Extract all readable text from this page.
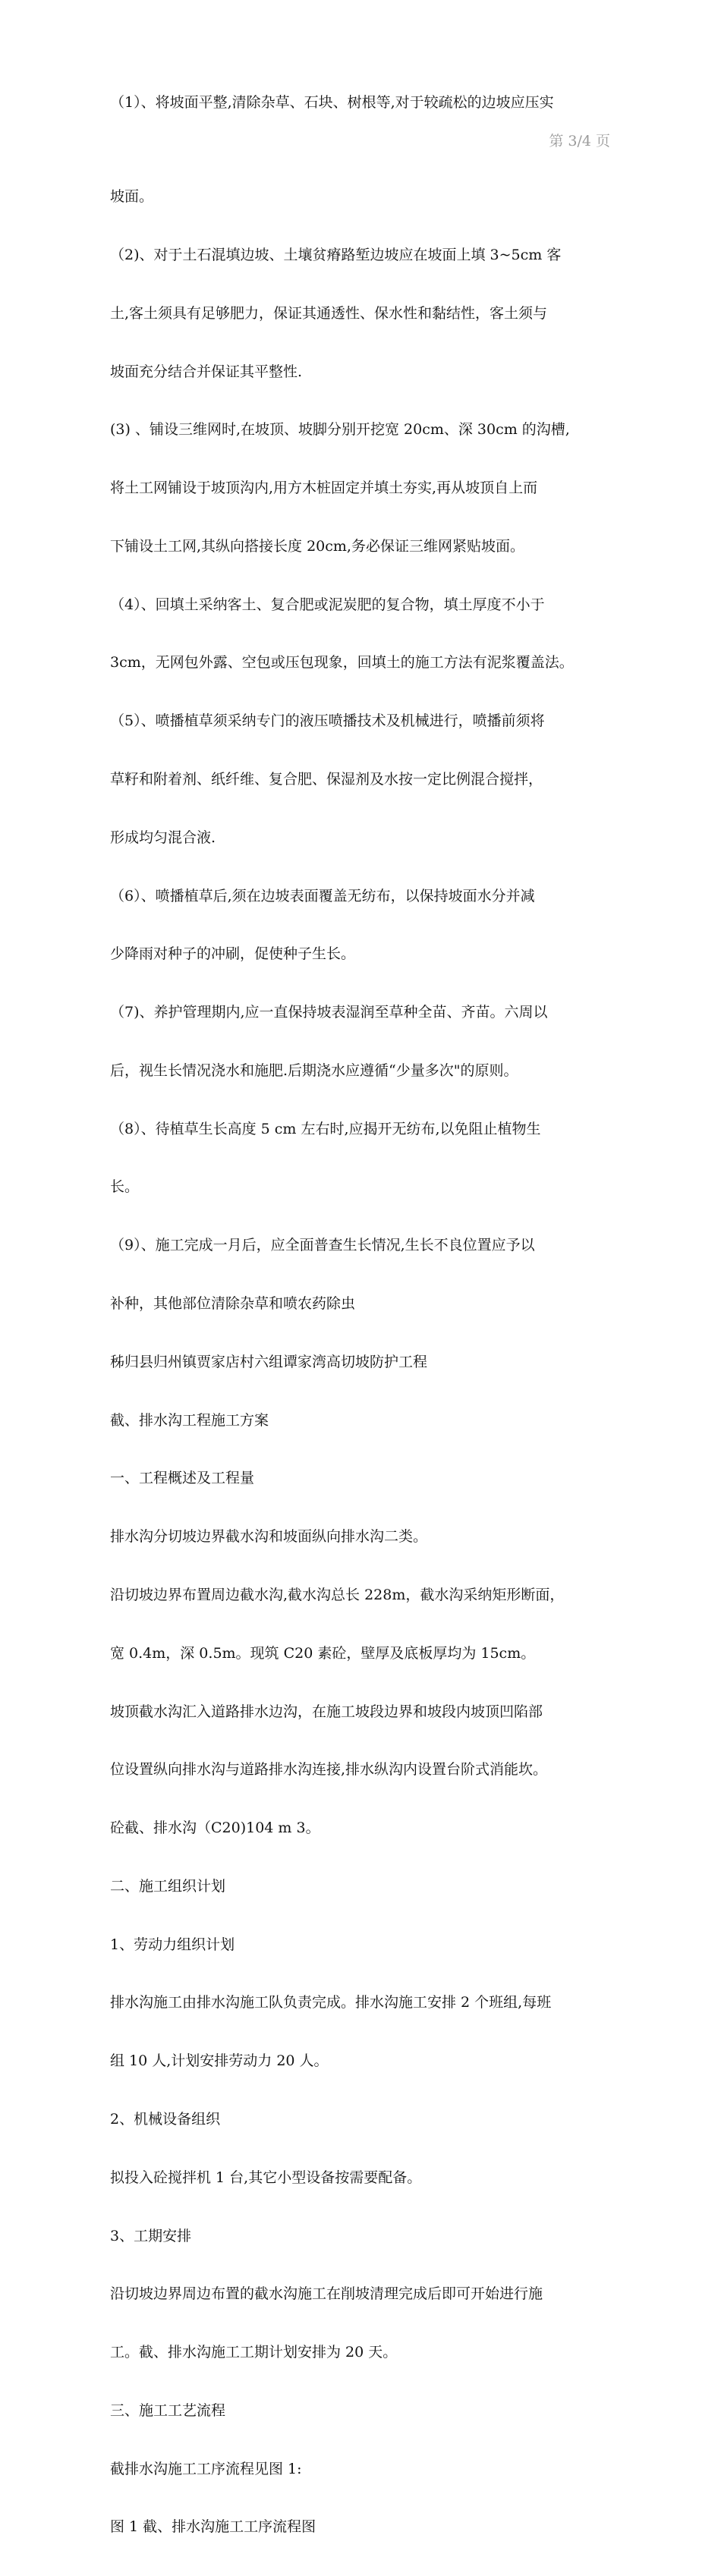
（1）、将坡面平整,清除杂草、石块、树根等,对于较疏松的边坡应压实
第 3/4 页

坡面。

（2)、对于土石混填边坡、土壤贫瘠路堑边坡应在坡面上填 3~5cm 客

土,客土须具有足够肥力，保证其通透性、保水性和黏结性，客土须与

坡面充分结合并保证其平整性.

(3) 、铺设三维网时,在坡顶、坡脚分别开挖宽 20cm、深 30cm 的沟槽,

将土工网铺设于坡顶沟内,用方木桩固定并填土夯实,再从坡顶自上而

下铺设土工网,其纵向搭接长度 20cm,务必保证三维网紧贴坡面。

（4）、回填土采纳客土、复合肥或泥炭肥的复合物，填土厚度不小于

3cm，无网包外露、空包或压包现象，回填土的施工方法有泥浆覆盖法。

（5）、喷播植草须采纳专门的液压喷播技术及机械进行，喷播前须将

草籽和附着剂、纸纤维、复合肥、保湿剂及水按一定比例混合搅拌，

形成均匀混合液.

（6）、喷播植草后,须在边坡表面覆盖无纺布，以保持坡面水分并减

少降雨对种子的冲刷，促使种子生长。

（7)、养护管理期内,应一直保持坡表湿润至草种全苗、齐苗。六周以

后，视生长情况浇水和施肥.后期浇水应遵循“少量多次"的原则。

（8）、待植草生长高度 5 cm 左右时,应揭开无纺布,以免阻止植物生

长。

（9）、施工完成一月后，应全面普查生长情况,生长不良位置应予以

补种，其他部位清除杂草和喷农药除虫

秭归县归州镇贾家店村六组谭家湾高切坡防护工程

截、排水沟工程施工方案

一、工程概述及工程量

排水沟分切坡边界截水沟和坡面纵向排水沟二类。

沿切坡边界布置周边截水沟,截水沟总长 228m，截水沟采纳矩形断面，

宽 0.4m，深 0.5m。现筑 C20 素砼，壁厚及底板厚均为 15cm。

坡顶截水沟汇入道路排水边沟，在施工坡段边界和坡段内坡顶凹陷部

位设置纵向排水沟与道路排水沟连接,排水纵沟内设置台阶式消能坎。

砼截、排水沟（C20)104 m 3。

二、施工组织计划

1、劳动力组织计划

排水沟施工由排水沟施工队负责完成。排水沟施工安排 2 个班组,每班

组 10 人,计划安排劳动力 20 人。

2、机械设备组织

拟投入砼搅拌机 1 台,其它小型设备按需要配备。

3、工期安排

沿切坡边界周边布置的截水沟施工在削坡清理完成后即可开始进行施

工。截、排水沟施工工期计划安排为 20 天。

三、施工工艺流程

截排水沟施工工序流程见图 1:

图 1 截、排水沟施工工序流程图
